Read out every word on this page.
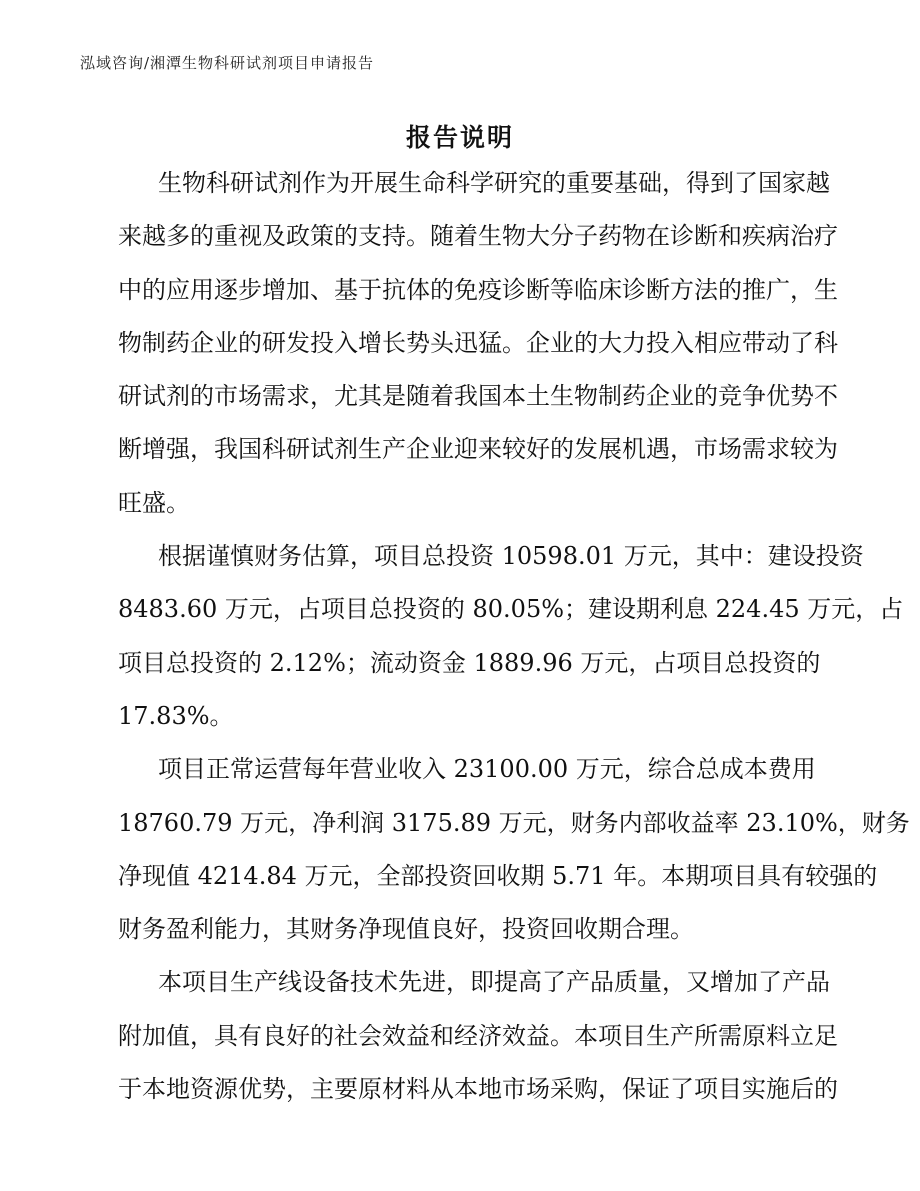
泓域咨询/湘潭生物科研试剂项目申请报告
报告说明
生物科研试剂作为开展生命科学研究的重要基础，得到了国家越
来越多的重视及政策的支持。随着生物大分子药物在诊断和疾病治疗
中的应用逐步增加、基于抗体的免疫诊断等临床诊断方法的推广，生
物制药企业的研发投入增长势头迅猛。企业的大力投入相应带动了科
研试剂的市场需求，尤其是随着我国本土生物制药企业的竞争优势不
断增强，我国科研试剂生产企业迎来较好的发展机遇，市场需求较为
旺盛。
根据谨慎财务估算，项目总投资 10598.01 万元，其中：建设投资
8483.60 万元，占项目总投资的 80.05%；建设期利息 224.45 万元，占
项目总投资的 2.12%；流动资金 1889.96 万元，占项目总投资的
17.83%。
项目正常运营每年营业收入 23100.00 万元，综合总成本费用
18760.79 万元，净利润 3175.89 万元，财务内部收益率 23.10%，财务
净现值 4214.84 万元，全部投资回收期 5.71 年。本期项目具有较强的
财务盈利能力，其财务净现值良好，投资回收期合理。
本项目生产线设备技术先进，即提高了产品质量，又增加了产品
附加值，具有良好的社会效益和经济效益。本项目生产所需原料立足
于本地资源优势，主要原材料从本地市场采购，保证了项目实施后的
